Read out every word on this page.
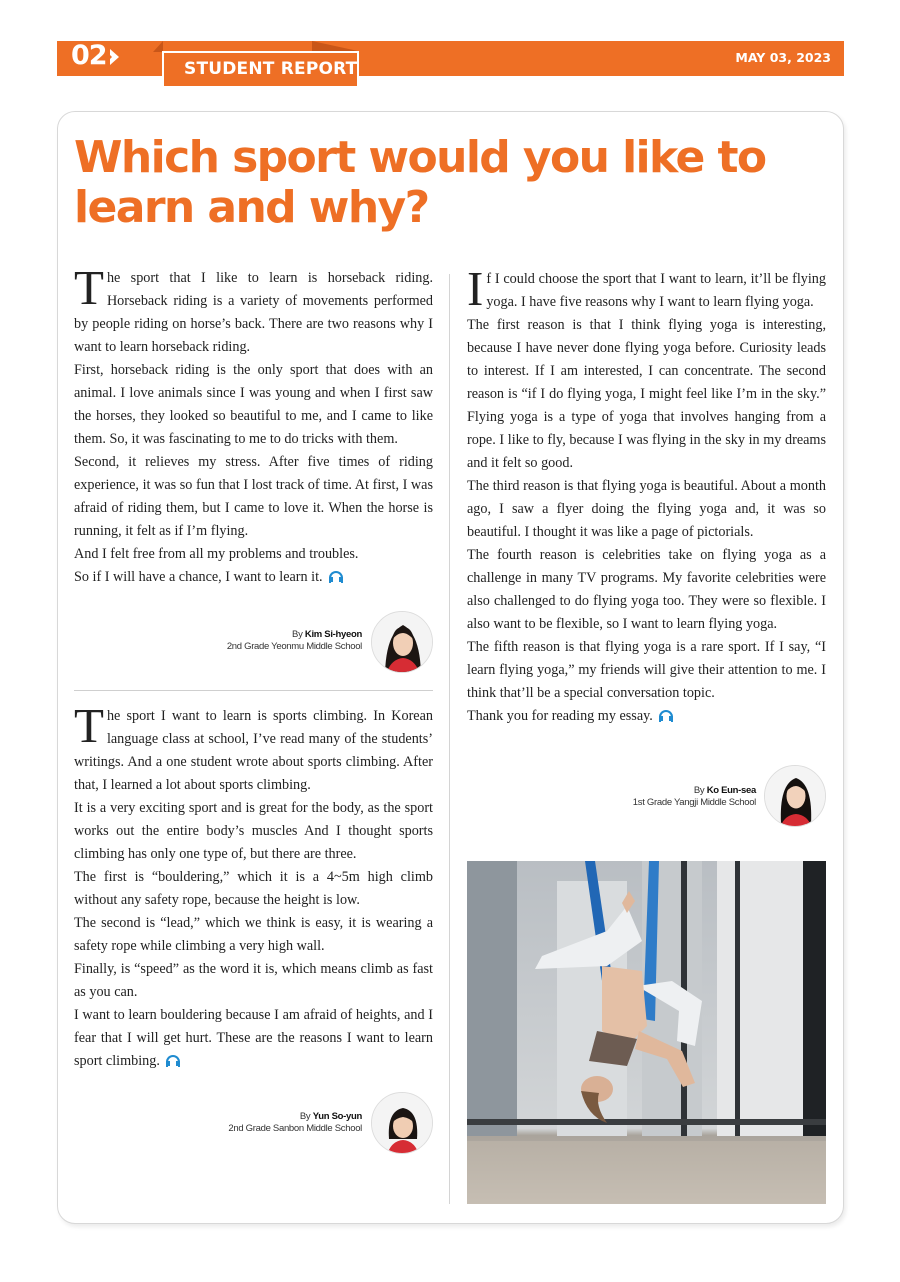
02	STUDENT REPORT
MAY 03, 2023
Which sport would you like to learn and why?

The sport that I like to learn is horseback riding. Horseback riding is a variety of movements performed by people riding on horse’s back. There are two reasons why I want to learn horseback riding.

First, horseback riding is the only sport that does with an animal. I love animals since I was young and when I first saw the horses, they looked so beautiful to me, and I came to like them. So, it was fascinating to me to do tricks with them.

Second, it relieves my stress. After five times of riding experience, it was so fun that I lost track of time. At first, I was afraid of riding them, but I came to love it. When the horse is running, it felt as if I’m flying.

And I felt free from all my problems and troubles.

So if I will have a chance, I want to learn it.

By Kim Si-hyeon
2nd Grade Yeonmu Middle School

The sport I want to learn is sports climbing. In Korean language class at school, I’ve read many of the students’ writings. And a one student wrote about sports climbing. After that, I learned a lot about sports climbing.

It is a very exciting sport and is great for the body, as the sport works out the entire body’s muscles And I thought sports climbing has only one type of, but there are three.

The first is “bouldering,” which it is a 4~5m high climb without any safety rope, because the height is low.

The second is “lead,” which we think is easy, it is wearing a safety rope while climbing a very high wall.

Finally, is “speed” as the word it is, which means climb as fast as you can.

I want to learn bouldering because I am afraid of heights, and I fear that I will get hurt. These are the reasons I want to learn sport climbing.

By Yun So-yun
2nd Grade Sanbon Middle School

If I could choose the sport that I want to learn, it’ll be flying yoga. I have five reasons why I want to learn flying yoga.

The first reason is that I think flying yoga is interesting, because I have never done flying yoga before. Curiosity leads to interest. If I am interested, I can concentrate. The second reason is “if I do flying yoga, I might feel like I’m in the sky.” Flying yoga is a type of yoga that involves hanging from a rope. I like to fly, because I was flying in the sky in my dreams and it felt so good.

The third reason is that flying yoga is beautiful. About a month ago, I saw a flyer doing the flying yoga and, it was so beautiful. I thought it was like a page of pictorials.

The fourth reason is celebrities take on flying yoga as a challenge in many TV programs. My favorite celebrities were also challenged to do flying yoga too. They were so flexible. I also want to be flexible, so I want to learn flying yoga.

The fifth reason is that flying yoga is a rare sport. If I say, “I learn flying yoga,” my friends will give their attention to me. I think that’ll be a special conversation topic.

Thank you for reading my essay.

By Ko Eun-sea
1st Grade Yangji Middle School
